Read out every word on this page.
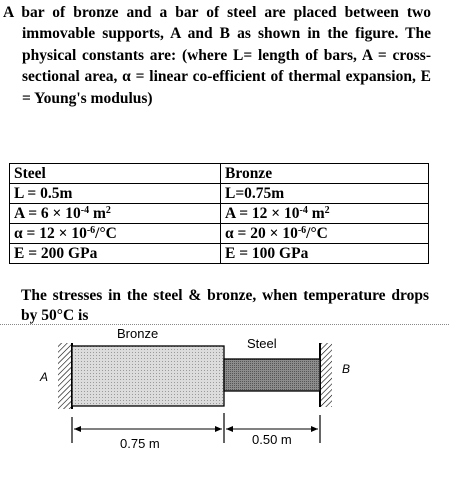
A bar of bronze and a bar of steel are placed between two immovable supports, A and B as shown in the figure. The physical constants are: (where L= length of bars, A = cross-sectional area, α = linear co-efficient of thermal expansion, E = Young's modulus)
Steel	Bronze
L = 0.5m	L=0.75m
$A = 6 \times 10^{-4}$ $m^2$	$A = 12 \times 10^{-4}$ $m^2$
$\alpha = 12 \times 10^{-6}/^\circ C$	$\alpha = 20 \times 10^{-6}/^\circ C$
E = 200 GPa	E = 100 GPa
The stresses in the steel & bronze, when temperature drops by 50°C is
A
B
Bronze
Steel
0.75 m	0.50 m
